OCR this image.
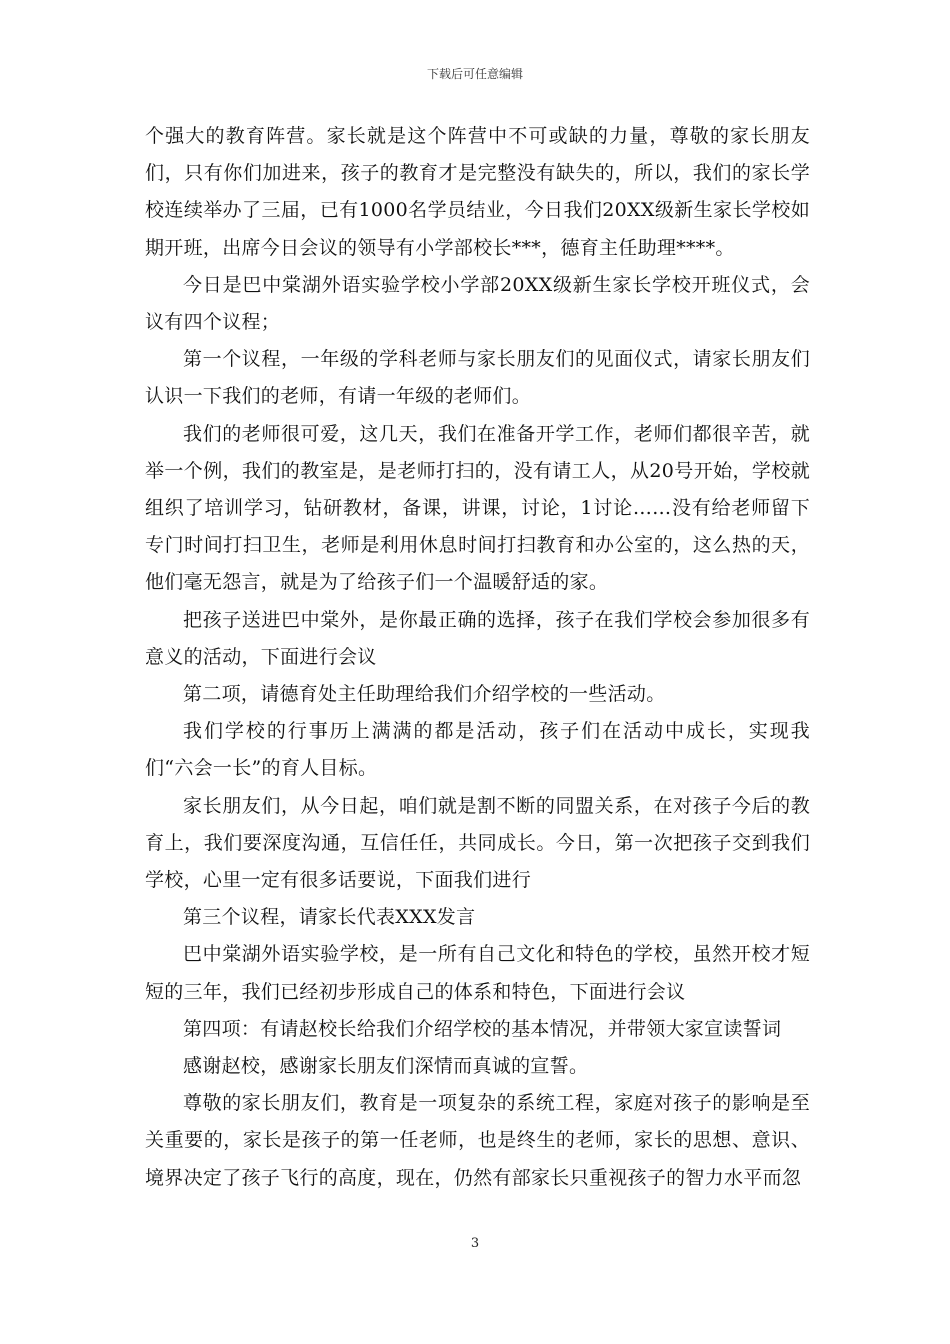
下载后可任意编辑

个强大的教育阵营。家长就是这个阵营中不可或缺的力量，尊敬的家长朋友们，只有你们加进来，孩子的教育才是完整没有缺失的，所以，我们的家长学校连续举办了三届，已有1000名学员结业，今日我们20XX级新生家长学校如期开班，出席今日会议的领导有小学部校长***，德育主任助理****。

今日是巴中棠湖外语实验学校小学部20XX级新生家长学校开班仪式，会议有四个议程；

第一个议程，一年级的学科老师与家长朋友们的见面仪式，请家长朋友们认识一下我们的老师，有请一年级的老师们。

我们的老师很可爱，这几天，我们在准备开学工作，老师们都很辛苦，就举一个例，我们的教室是，是老师打扫的，没有请工人，从20号开始，学校就组织了培训学习，钻研教材，备课，讲课，讨论，1讨论……没有给老师留下专门时间打扫卫生，老师是利用休息时间打扫教育和办公室的，这么热的天，他们毫无怨言，就是为了给孩子们一个温暖舒适的家。

把孩子送进巴中棠外，是你最正确的选择，孩子在我们学校会参加很多有意义的活动，下面进行会议

第二项，请德育处主任助理给我们介绍学校的一些活动。

我们学校的行事历上满满的都是活动，孩子们在活动中成长，实现我们“六会一长”的育人目标。

家长朋友们，从今日起，咱们就是割不断的同盟关系，在对孩子今后的教育上，我们要深度沟通，互信任任，共同成长。今日，第一次把孩子交到我们学校，心里一定有很多话要说，下面我们进行

第三个议程，请家长代表XXX发言

巴中棠湖外语实验学校，是一所有自己文化和特色的学校，虽然开校才短短的三年，我们已经初步形成自己的体系和特色，下面进行会议

第四项：有请赵校长给我们介绍学校的基本情况，并带领大家宣读誓词

感谢赵校，感谢家长朋友们深情而真诚的宣誓。

尊敬的家长朋友们，教育是一项复杂的系统工程，家庭对孩子的影响是至关重要的，家长是孩子的第一任老师，也是终生的老师，家长的思想、意识、境界决定了孩子飞行的高度，现在，仍然有部家长只重视孩子的智力水平而忽

3
